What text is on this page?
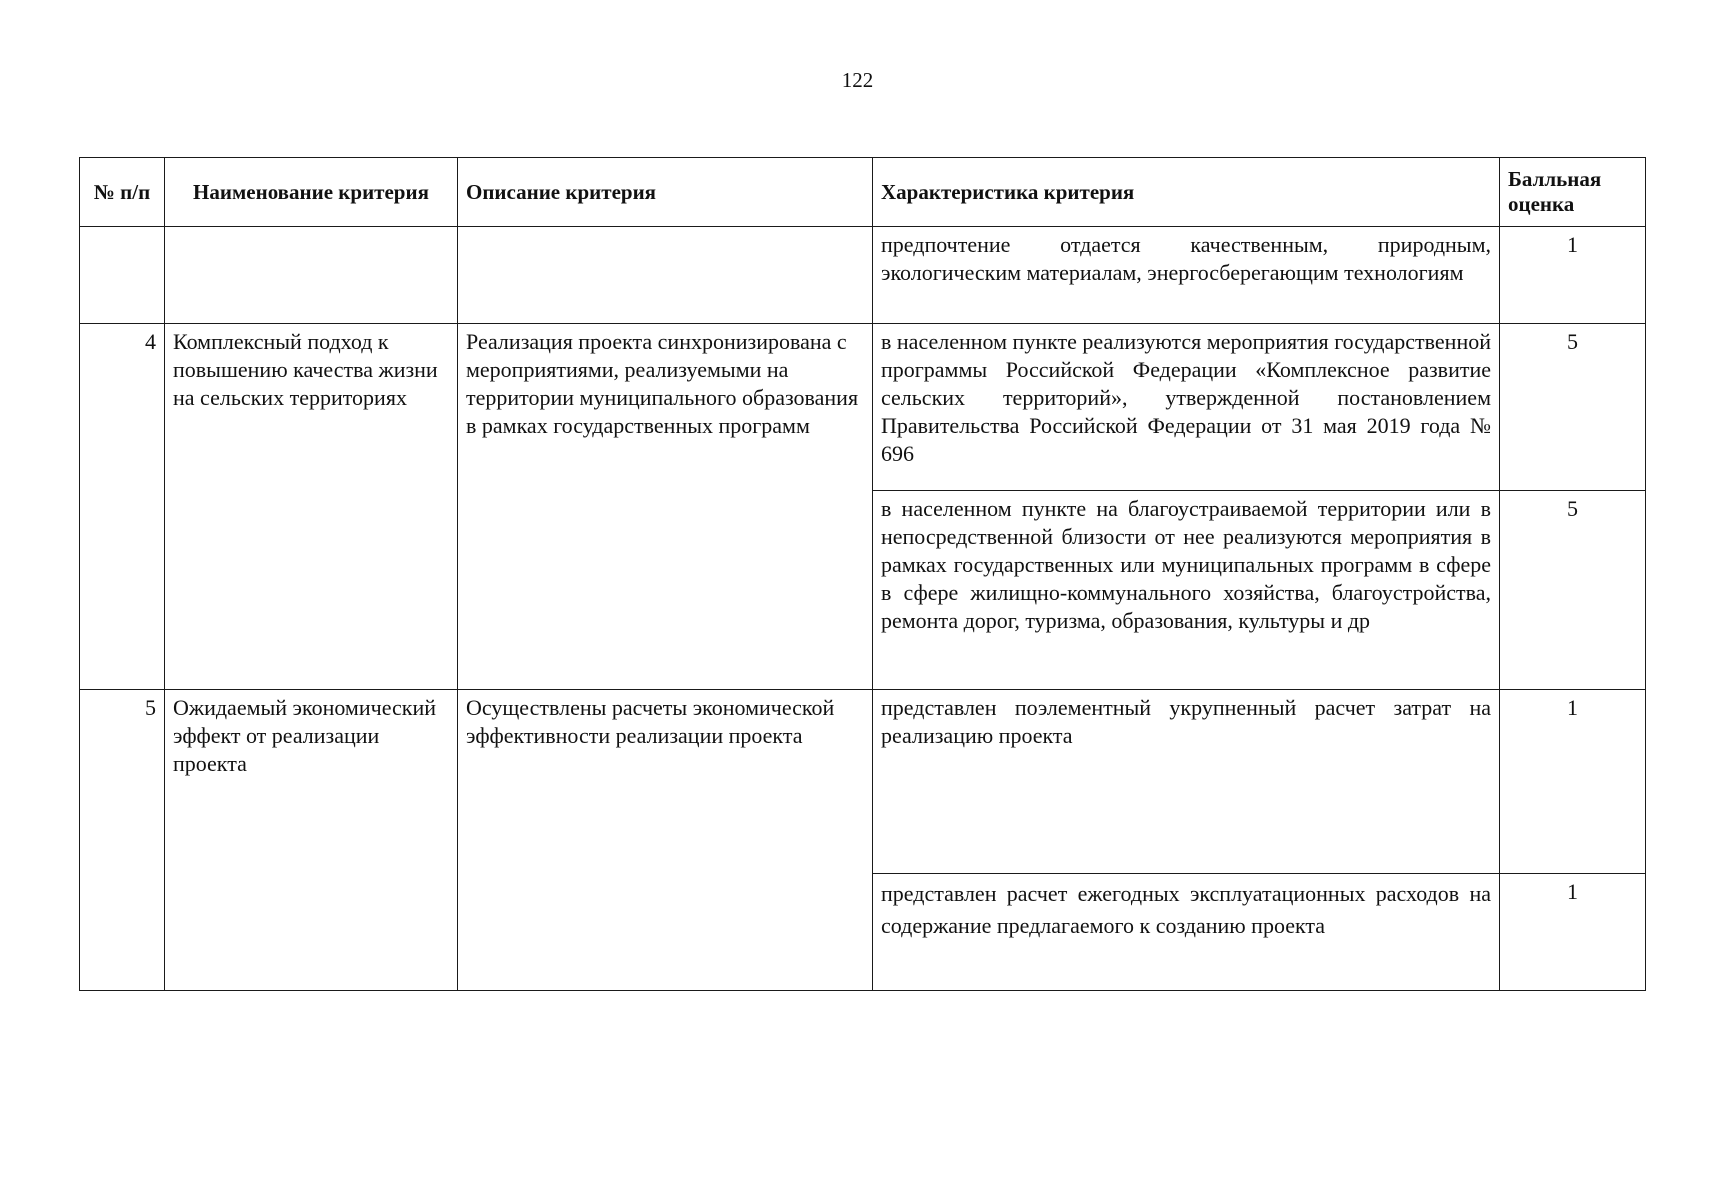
122
№ п/п	Наименование критерия	Описание критерия	Характеристика критерия	Балльная оценка
			предпочтение отдается качественным, природным, экологическим материалам, энергосберегающим технологиям	1
4	Комплексный подход к повышению качества жизни на сельских территориях	Реализация проекта синхронизирована с мероприятиями, реализуемыми на территории муниципального образования в рамках государственных программ	в населенном пункте реализуются мероприятия государственной программы Российской Федерации «Комплексное развитие сельских территорий», утвержденной постановлением Правительства Российской Федерации от 31 мая 2019 года № 696	5
			в населенном пункте на благоустраиваемой территории или в непосредственной близости от нее реализуются мероприятия в рамках государственных или муниципальных программ в сфере в сфере жилищно-коммунального хозяйства, благоустройства, ремонта дорог, туризма, образования, культуры и др	5
5	Ожидаемый экономический эффект от реализации проекта	Осуществлены расчеты экономической эффективности реализации проекта	представлен поэлементный укрупненный расчет затрат на реализацию проекта	1
			представлен расчет ежегодных эксплуатационных расходов на содержание предлагаемого к созданию проекта	1
